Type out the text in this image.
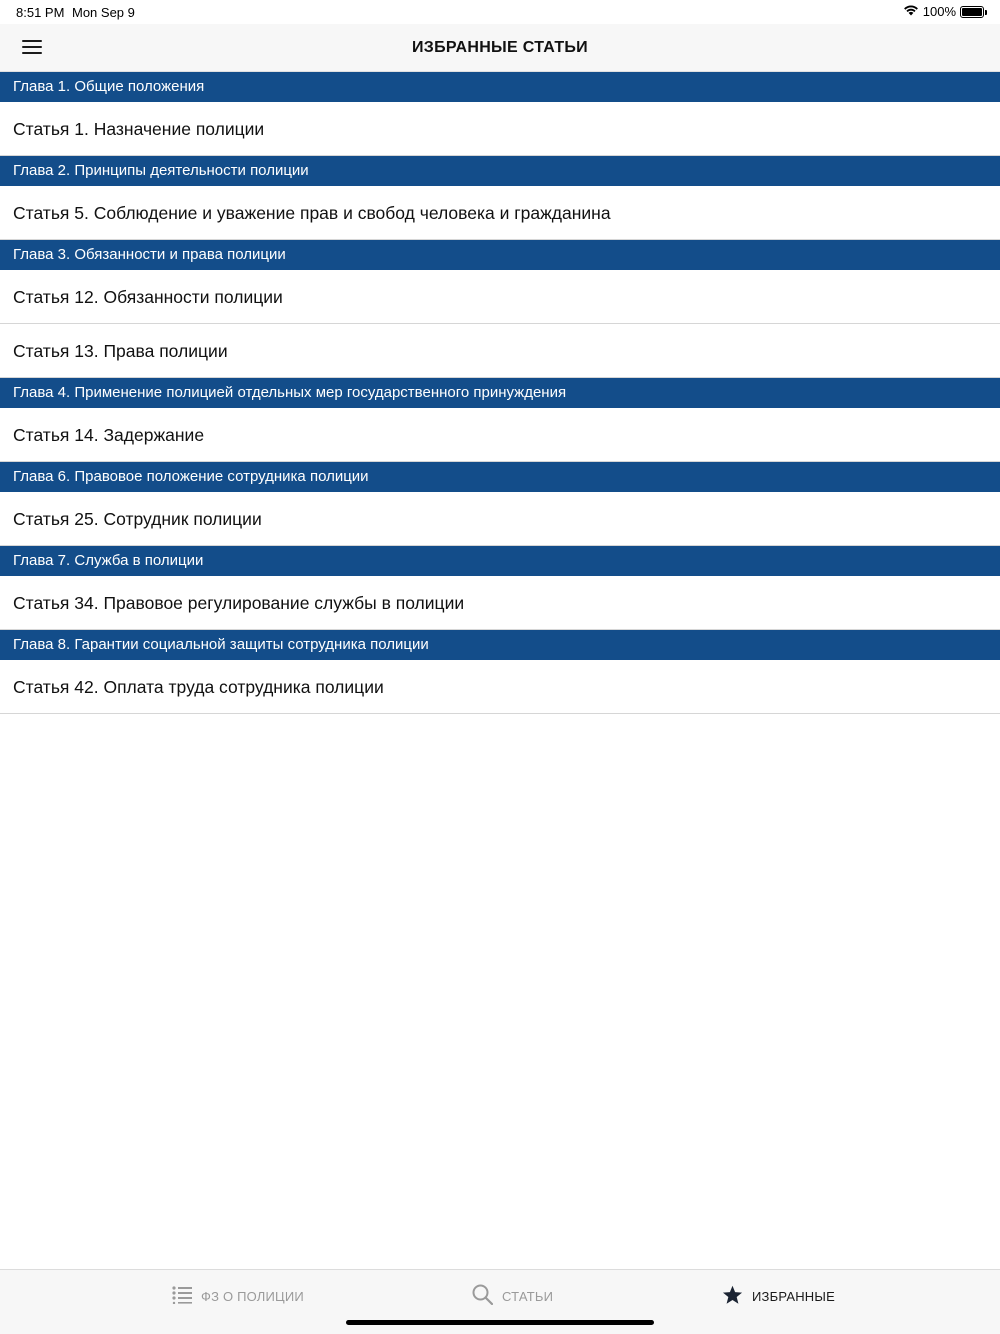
8:51 PM Mon Sep 9	100%
ИЗБРАННЫЕ СТАТЬИ
Глава 1. Общие положения
Статья 1. Назначение полиции
Глава 2. Принципы деятельности полиции
Статья 5. Соблюдение и уважение прав и свобод человека и гражданина
Глава 3. Обязанности и права полиции
Статья 12. Обязанности полиции
Статья 13. Права полиции
Глава 4. Применение полицией отдельных мер государственного принуждения
Статья 14. Задержание
Глава 6. Правовое положение сотрудника полиции
Статья 25. Сотрудник полиции
Глава 7. Служба в полиции
Статья 34. Правовое регулирование службы в полиции
Глава 8. Гарантии социальной защиты сотрудника полиции
Статья 42. Оплата труда сотрудника полиции
ФЗ О ПОЛИЦИИ	СТАТЬИ	ИЗБРАННЫЕ
